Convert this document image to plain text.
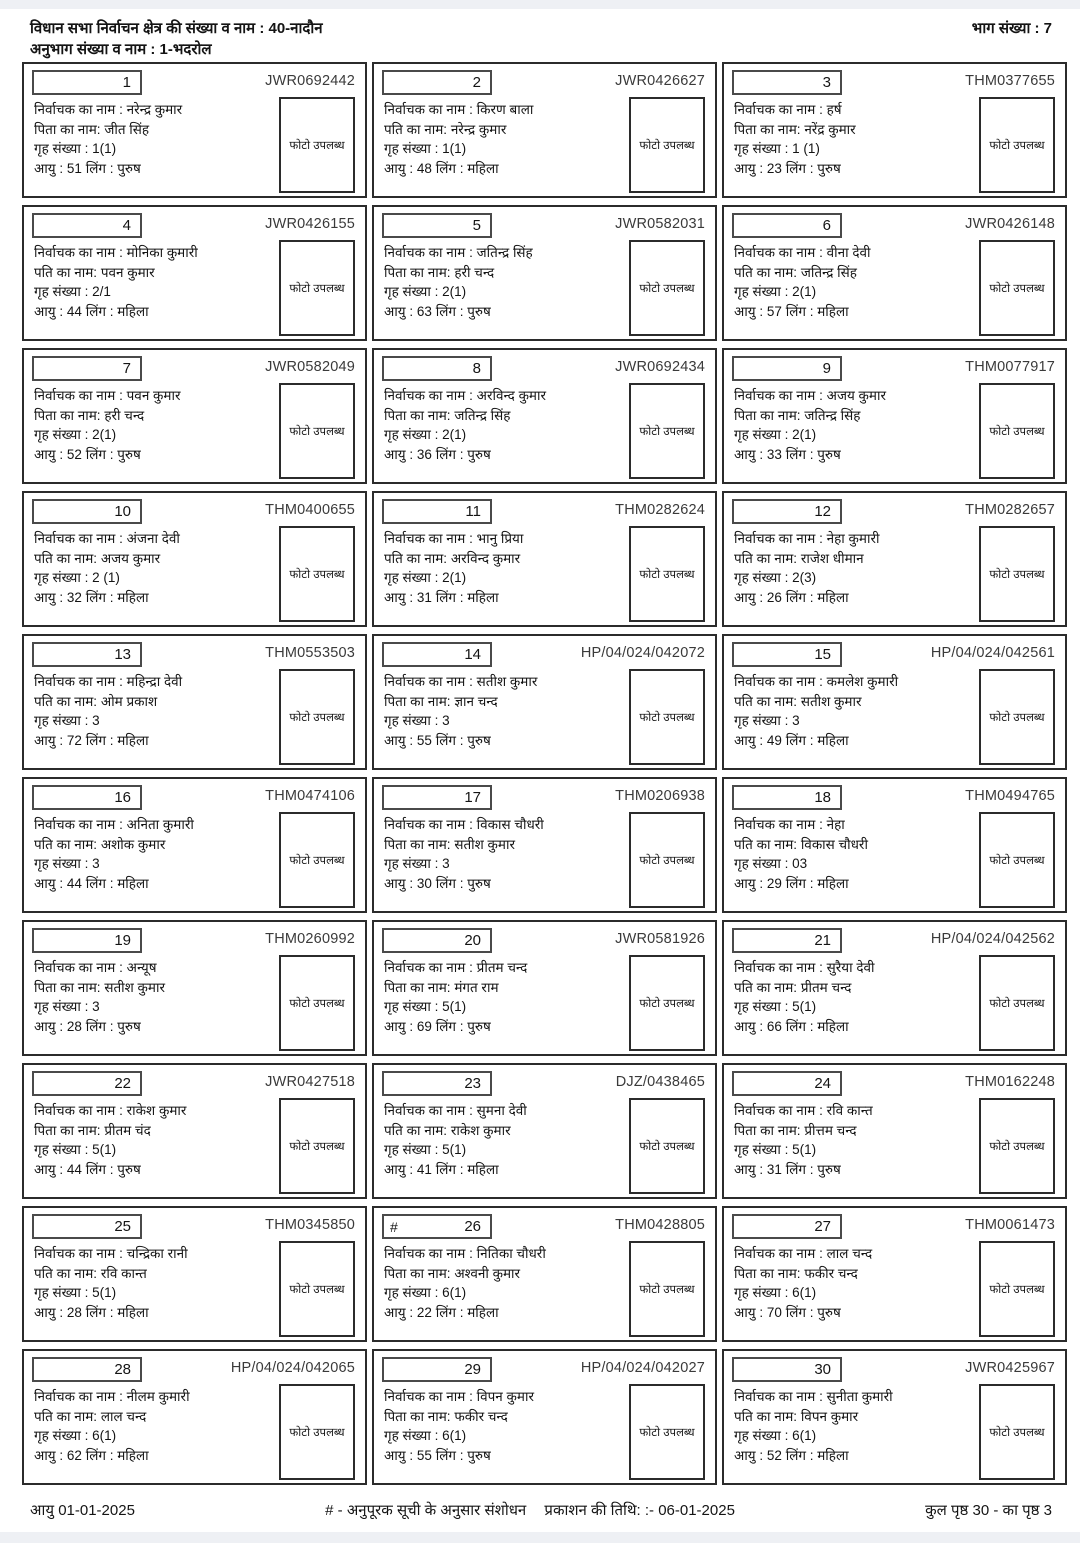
विधान सभा निर्वाचन क्षेत्र की संख्या व नाम : 40-नादौन
अनुभाग संख्या व नाम : 1-भदरोल
भाग संख्या : 7
1	JWR0692442
फोटो उपलब्ध
निर्वाचक का नाम : नरेन्द्र कुमार
पिता का नाम: जीत सिंह
गृह संख्या : 1(1)
आयु : 51 लिंग : पुरुष
2	JWR0426627
फोटो उपलब्ध
निर्वाचक का नाम : किरण बाला
पति का नाम: नरेन्द्र कुमार
गृह संख्या : 1(1)
आयु : 48 लिंग : महिला
3	THM0377655
फोटो उपलब्ध
निर्वाचक का नाम : हर्ष
पिता का नाम: नरेंद्र कुमार
गृह संख्या : 1 (1)
आयु : 23 लिंग : पुरुष
4	JWR0426155
फोटो उपलब्ध
निर्वाचक का नाम : मोनिका कुमारी
पति का नाम: पवन कुमार
गृह संख्या : 2/1
आयु : 44 लिंग : महिला
5	JWR0582031
फोटो उपलब्ध
निर्वाचक का नाम : जतिन्द्र सिंह
पिता का नाम: हरी चन्द
गृह संख्या : 2(1)
आयु : 63 लिंग : पुरुष
6	JWR0426148
फोटो उपलब्ध
निर्वाचक का नाम : वीना देवी
पति का नाम: जतिन्द्र सिंह
गृह संख्या : 2(1)
आयु : 57 लिंग : महिला
7	JWR0582049
फोटो उपलब्ध
निर्वाचक का नाम : पवन कुमार
पिता का नाम: हरी चन्द
गृह संख्या : 2(1)
आयु : 52 लिंग : पुरुष
8	JWR0692434
फोटो उपलब्ध
निर्वाचक का नाम : अरविन्द कुमार
पिता का नाम: जतिन्द्र सिंह
गृह संख्या : 2(1)
आयु : 36 लिंग : पुरुष
9	THM0077917
फोटो उपलब्ध
निर्वाचक का नाम : अजय कुमार
पिता का नाम: जतिन्द्र सिंह
गृह संख्या : 2(1)
आयु : 33 लिंग : पुरुष
10	THM0400655
फोटो उपलब्ध
निर्वाचक का नाम : अंजना देवी
पति का नाम: अजय कुमार
गृह संख्या : 2 (1)
आयु : 32 लिंग : महिला
11	THM0282624
फोटो उपलब्ध
निर्वाचक का नाम : भानु प्रिया
पति का नाम: अरविन्द कुमार
गृह संख्या : 2(1)
आयु : 31 लिंग : महिला
12	THM0282657
फोटो उपलब्ध
निर्वाचक का नाम : नेहा कुमारी
पति का नाम: राजेश धीमान
गृह संख्या : 2(3)
आयु : 26 लिंग : महिला
13	THM0553503
फोटो उपलब्ध
निर्वाचक का नाम : महिन्द्रा देवी
पति का नाम: ओम प्रकाश
गृह संख्या : 3
आयु : 72 लिंग : महिला
14	HP/04/024/042072
फोटो उपलब्ध
निर्वाचक का नाम : सतीश कुमार
पिता का नाम: ज्ञान चन्द
गृह संख्या : 3
आयु : 55 लिंग : पुरुष
15	HP/04/024/042561
फोटो उपलब्ध
निर्वाचक का नाम : कमलेश कुमारी
पति का नाम: सतीश कुमार
गृह संख्या : 3
आयु : 49 लिंग : महिला
16	THM0474106
फोटो उपलब्ध
निर्वाचक का नाम : अनिता कुमारी
पति का नाम: अशोक कुमार
गृह संख्या : 3
आयु : 44 लिंग : महिला
17	THM0206938
फोटो उपलब्ध
निर्वाचक का नाम : विकास चौधरी
पिता का नाम: सतीश कुमार
गृह संख्या : 3
आयु : 30 लिंग : पुरुष
18	THM0494765
फोटो उपलब्ध
निर्वाचक का नाम : नेहा
पति का नाम: विकास चौधरी
गृह संख्या : 03
आयु : 29 लिंग : महिला
19	THM0260992
फोटो उपलब्ध
निर्वाचक का नाम : अन्यूष
पिता का नाम: सतीश कुमार
गृह संख्या : 3
आयु : 28 लिंग : पुरुष
20	JWR0581926
फोटो उपलब्ध
निर्वाचक का नाम : प्रीतम चन्द
पिता का नाम: मंगत राम
गृह संख्या : 5(1)
आयु : 69 लिंग : पुरुष
21	HP/04/024/042562
फोटो उपलब्ध
निर्वाचक का नाम : सुरैया देवी
पति का नाम: प्रीतम चन्द
गृह संख्या : 5(1)
आयु : 66 लिंग : महिला
22	JWR0427518
फोटो उपलब्ध
निर्वाचक का नाम : राकेश कुमार
पिता का नाम: प्रीतम चंद
गृह संख्या : 5(1)
आयु : 44 लिंग : पुरुष
23	DJZ/0438465
फोटो उपलब्ध
निर्वाचक का नाम : सुमना देवी
पति का नाम: राकेश कुमार
गृह संख्या : 5(1)
आयु : 41 लिंग : महिला
24	THM0162248
फोटो उपलब्ध
निर्वाचक का नाम : रवि कान्त
पिता का नाम: प्रीत्तम चन्द
गृह संख्या : 5(1)
आयु : 31 लिंग : पुरुष
25	THM0345850
फोटो उपलब्ध
निर्वाचक का नाम : चन्द्रिका रानी
पति का नाम: रवि कान्त
गृह संख्या : 5(1)
आयु : 28 लिंग : महिला
#	26	THM0428805
फोटो उपलब्ध
निर्वाचक का नाम : नितिका चौधरी
पिता का नाम: अश्वनी कुमार
गृह संख्या : 6(1)
आयु : 22 लिंग : महिला
27	THM0061473
फोटो उपलब्ध
निर्वाचक का नाम : लाल चन्द
पिता का नाम: फकीर चन्द
गृह संख्या : 6(1)
आयु : 70 लिंग : पुरुष
28	HP/04/024/042065
फोटो उपलब्ध
निर्वाचक का नाम : नीलम कुमारी
पति का नाम: लाल चन्द
गृह संख्या : 6(1)
आयु : 62 लिंग : महिला
29	HP/04/024/042027
फोटो उपलब्ध
निर्वाचक का नाम : विपन कुमार
पिता का नाम: फकीर चन्द
गृह संख्या : 6(1)
आयु : 55 लिंग : पुरुष
30	JWR0425967
फोटो उपलब्ध
निर्वाचक का नाम : सुनीता कुमारी
पति का नाम: विपन कुमार
गृह संख्या : 6(1)
आयु : 52 लिंग : महिला
आयु 01-01-2025	# - अनुपूरक सूची के अनुसार संशोधन प्रकाशन की तिथि: :- 06-01-2025	कुल पृष्ठ 30 - का पृष्ठ 3
